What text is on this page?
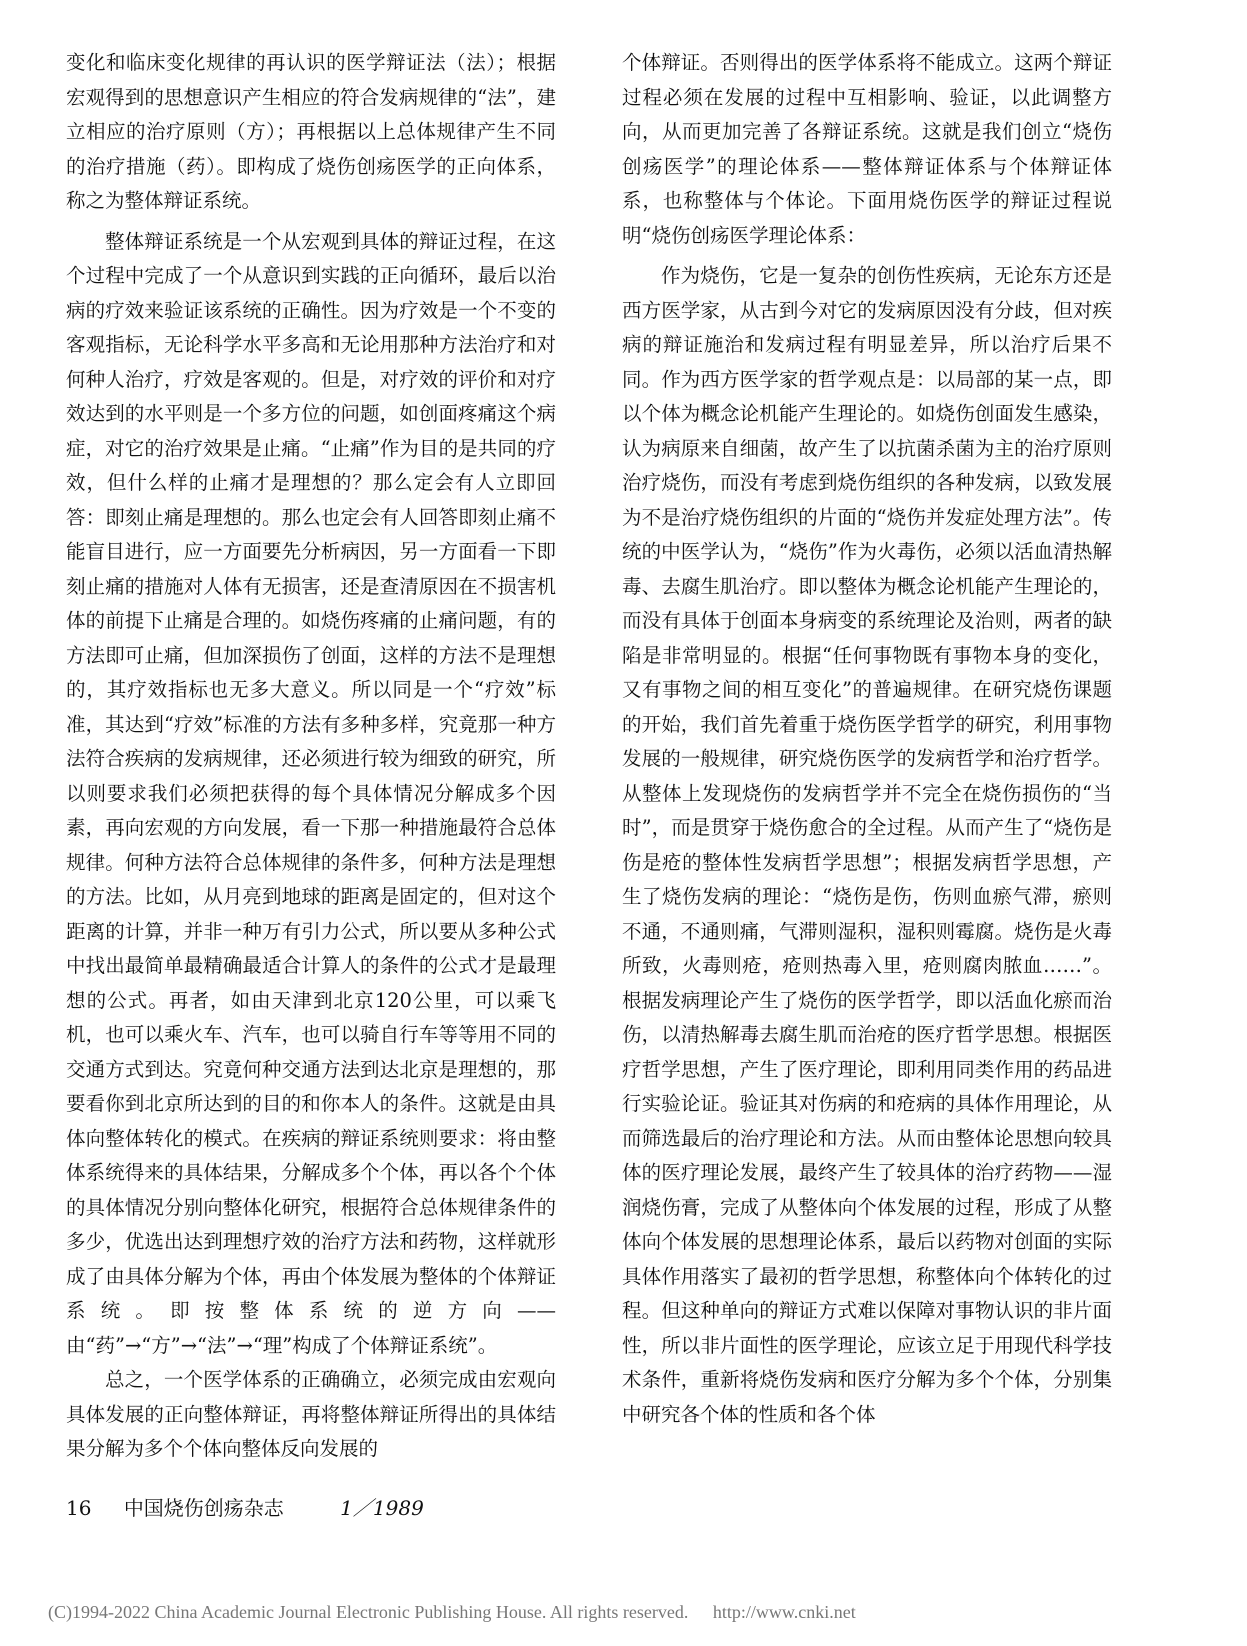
变化和临床变化规律的再认识的医学辩证法（法）；根据宏观得到的思想意识产生相应的符合发病规律的“法”，建立相应的治疗原则（方）；再根据以上总体规律产生不同的治疗措施（药）。即构成了烧伤创疡医学的正向体系，称之为整体辩证系统。

整体辩证系统是一个从宏观到具体的辩证过程，在这个过程中完成了一个从意识到实践的正向循环，最后以治病的疗效来验证该系统的正确性。因为疗效是一个不变的客观指标，无论科学水平多高和无论用那种方法治疗和对何种人治疗，疗效是客观的。但是，对疗效的评价和对疗效达到的水平则是一个多方位的问题，如创面疼痛这个病症，对它的治疗效果是止痛。“止痛”作为目的是共同的疗效，但什么样的止痛才是理想的？那么定会有人立即回答：即刻止痛是理想的。那么也定会有人回答即刻止痛不能盲目进行，应一方面要先分析病因，另一方面看一下即刻止痛的措施对人体有无损害，还是查清原因在不损害机体的前提下止痛是合理的。如烧伤疼痛的止痛问题，有的方法即可止痛，但加深损伤了创面，这样的方法不是理想的，其疗效指标也无多大意义。所以同是一个“疗效”标准，其达到“疗效”标准的方法有多种多样，究竟那一种方法符合疾病的发病规律，还必须进行较为细致的研究，所以则要求我们必须把获得的每个具体情况分解成多个因素，再向宏观的方向发展，看一下那一种措施最符合总体规律。何种方法符合总体规律的条件多，何种方法是理想的方法。比如，从月亮到地球的距离是固定的，但对这个距离的计算，并非一种万有引力公式，所以要从多种公式中找出最简单最精确最适合计算人的条件的公式才是最理想的公式。再者，如由天津到北京120公里，可以乘飞机，也可以乘火车、汽车，也可以骑自行车等等用不同的交通方式到达。究竟何种交通方法到达北京是理想的，那要看你到北京所达到的目的和你本人的条件。这就是由具体向整体转化的模式。在疾病的辩证系统则要求：将由整体系统得来的具体结果，分解成多个个体，再以各个个体的具体情况分别向整体化研究，根据符合总体规律条件的多少，优选出达到理想疗效的治疗方法和药物，这样就形成了由具体分解为个体，再由个体发展为整体的个体辩证系统。即按整体系统的逆方向——由“药”→“方”→“法”→“理”构成了个体辩证系统”。

总之，一个医学体系的正确确立，必须完成由宏观向具体发展的正向整体辩证，再将整体辩证所得出的具体结果分解为多个个体向整体反向发展的

个体辩证。否则得出的医学体系将不能成立。这两个辩证过程必须在发展的过程中互相影响、验证，以此调整方向，从而更加完善了各辩证系统。这就是我们创立“烧伤创疡医学”的理论体系——整体辩证体系与个体辩证体系，也称整体与个体论。下面用烧伤医学的辩证过程说明“烧伤创疡医学理论体系：

作为烧伤，它是一复杂的创伤性疾病，无论东方还是西方医学家，从古到今对它的发病原因没有分歧，但对疾病的辩证施治和发病过程有明显差异，所以治疗后果不同。作为西方医学家的哲学观点是：以局部的某一点，即以个体为概念论机能产生理论的。如烧伤创面发生感染，认为病原来自细菌，故产生了以抗菌杀菌为主的治疗原则治疗烧伤，而没有考虑到烧伤组织的各种发病，以致发展为不是治疗烧伤组织的片面的“烧伤并发症处理方法”。传统的中医学认为，“烧伤”作为火毒伤，必须以活血清热解毒、去腐生肌治疗。即以整体为概念论机能产生理论的，而没有具体于创面本身病变的系统理论及治则，两者的缺陷是非常明显的。根据“任何事物既有事物本身的变化，又有事物之间的相互变化”的普遍规律。在研究烧伤课题的开始，我们首先着重于烧伤医学哲学的研究，利用事物发展的一般规律，研究烧伤医学的发病哲学和治疗哲学。从整体上发现烧伤的发病哲学并不完全在烧伤损伤的“当时”，而是贯穿于烧伤愈合的全过程。从而产生了“烧伤是伤是疮的整体性发病哲学思想”；根据发病哲学思想，产生了烧伤发病的理论：“烧伤是伤，伤则血瘀气滞，瘀则不通，不通则痛，气滞则湿积，湿积则霉腐。烧伤是火毒所致，火毒则疮，疮则热毒入里，疮则腐肉脓血……”。根据发病理论产生了烧伤的医学哲学，即以活血化瘀而治伤，以清热解毒去腐生肌而治疮的医疗哲学思想。根据医疗哲学思想，产生了医疗理论，即利用同类作用的药品进行实验论证。验证其对伤病的和疮病的具体作用理论，从而筛选最后的治疗理论和方法。从而由整体论思想向较具体的医疗理论发展，最终产生了较具体的治疗药物——湿润烧伤膏，完成了从整体向个体发展的过程，形成了从整体向个体发展的思想理论体系，最后以药物对创面的实际具体作用落实了最初的哲学思想，称整体向个体转化的过程。但这种单向的辩证方式难以保障对事物认识的非片面性，所以非片面性的医学理论，应该立足于用现代科学技术条件，重新将烧伤发病和医疗分解为多个个体，分别集中研究各个体的性质和各个体

16 中国烧伤创疡杂志	1／1989
(C)1994-2022 China Academic Journal Electronic Publishing House. All rights reserved. http://www.cnki.net
